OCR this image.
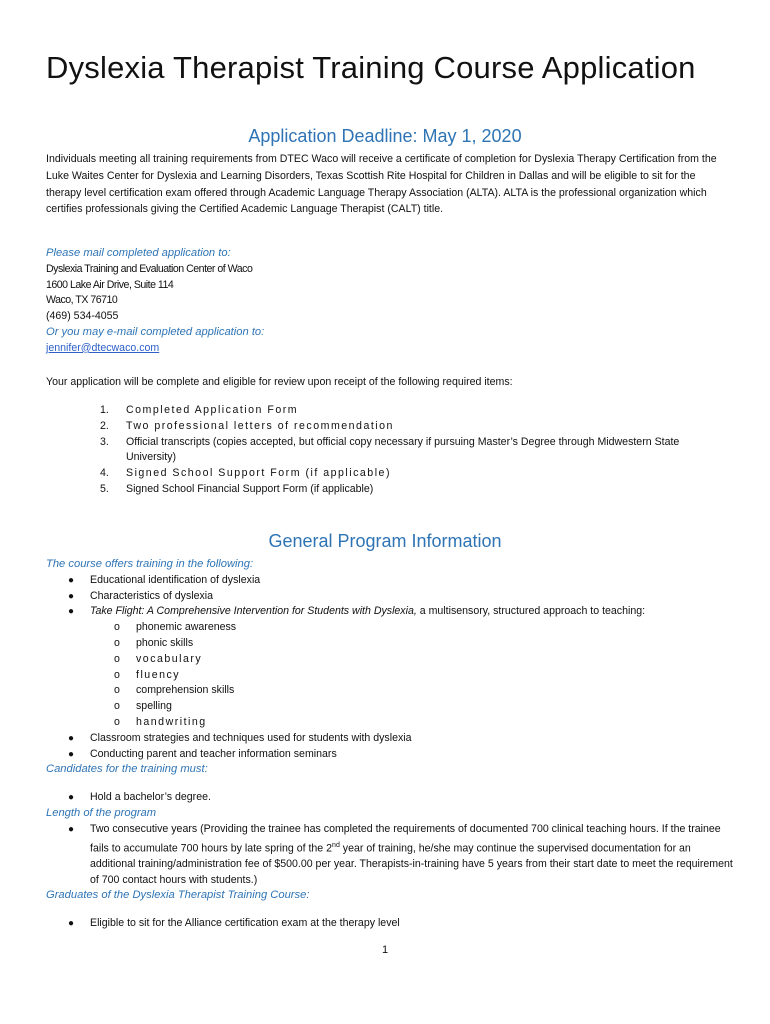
Dyslexia Therapist Training Course Application
Application Deadline: May 1, 2020

Individuals meeting all training requirements from DTEC Waco will receive a certificate of completion for Dyslexia Therapy Certification from the Luke Waites Center for Dyslexia and Learning Disorders, Texas Scottish Rite Hospital for Children in Dallas and will be eligible to sit for the therapy level certification exam offered through Academic Language Therapy Association (ALTA). ALTA is the professional organization which certifies professionals giving the Certified Academic Language Therapist (CALT) title.

Please mail completed application to:
Dyslexia Training and Evaluation Center of Waco
1600 Lake Air Drive, Suite 114
Waco, TX 76710
(469) 534-4055
Or you may e-mail completed application to:
jennifer@dtecwaco.com
Your application will be complete and eligible for review upon receipt of the following required items:
1. Completed Application Form
2. Two professional letters of recommendation
3. Official transcripts (copies accepted, but official copy necessary if pursuing Master’s Degree through Midwestern State University)
4. Signed School Support Form (if applicable)
5. Signed School Financial Support Form (if applicable)
General Program Information
The course offers training in the following:
● Educational identification of dyslexia
● Characteristics of dyslexia
● Take Flight: A Comprehensive Intervention for Students with Dyslexia, a multisensory, structured approach to teaching:
o phonemic awareness
o phonic skills
o vocabulary
o fluency
o comprehension skills
o spelling
o handwriting
● Classroom strategies and techniques used for students with dyslexia
● Conducting parent and teacher information seminars
Candidates for the training must:
● Hold a bachelor’s degree.
Length of the program
● Two consecutive years (Providing the trainee has completed the requirements of documented 700 clinical teaching hours. If the trainee fails to accumulate 700 hours by late spring of the 2nd year of training, he/she may continue the supervised documentation for an additional training/administration fee of $500.00 per year. Therapists-in-training have 5 years from their start date to meet the requirement of 700 contact hours with students.)
Graduates of the Dyslexia Therapist Training Course:
● Eligible to sit for the Alliance certification exam at the therapy level
1
